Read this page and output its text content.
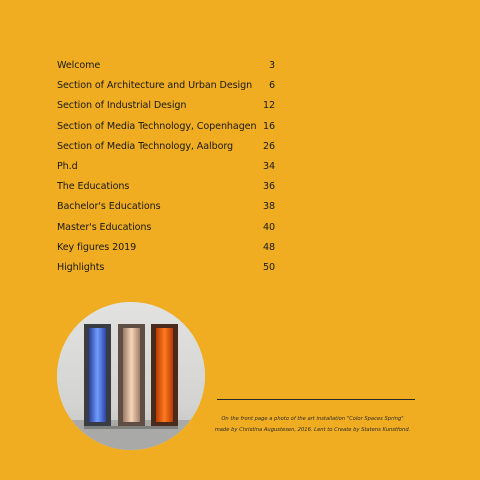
Welcome	3
Section of Architecture and Urban Design 6
Section of Industrial Design	12
Section of Media Technology, Copenhagen 16
Section of Media Technology, Aalborg	26
Ph.d	34
The Educations	36
Bachelor's Educations	38
Master's Educations	40
Key figures 2019	48
Highlights	50
On the front page a photo of the art installation "Color Spaces Spring"
made by Christina Augustesen, 2016. Lent to Create by Statens Kunstfond.
